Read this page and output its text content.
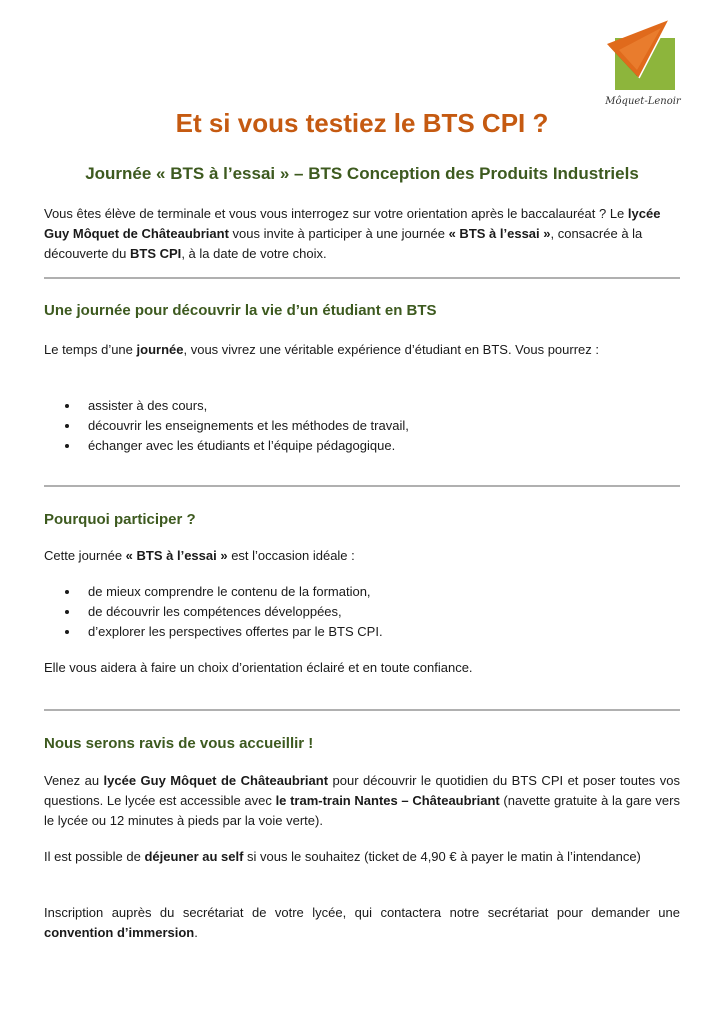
Môquet-Lenoir
Et si vous testiez le BTS CPI ?
Journée « BTS à l’essai » – BTS Conception des Produits Industriels

Vous êtes élève de terminale et vous vous interrogez sur votre orientation après le baccalauréat ? Le lycée Guy Môquet de Châteaubriant vous invite à participer à une journée « BTS à l’essai », consacrée à la découverte du BTS CPI, à la date de votre choix.

Une journée pour découvrir la vie d’un étudiant en BTS

Le temps d’une journée, vous vivrez une véritable expérience d’étudiant en BTS. Vous pourrez :

assister à des cours,
découvrir les enseignements et les méthodes de travail,
échanger avec les étudiants et l’équipe pédagogique.
Pourquoi participer ?

Cette journée « BTS à l’essai » est l’occasion idéale :

de mieux comprendre le contenu de la formation,
de découvrir les compétences développées,
d’explorer les perspectives offertes par le BTS CPI.

Elle vous aidera à faire un choix d’orientation éclairé et en toute confiance.

Nous serons ravis de vous accueillir !

Venez au lycée Guy Môquet de Châteaubriant pour découvrir le quotidien du BTS CPI et poser toutes vos questions. Le lycée est accessible avec le tram-train Nantes – Châteaubriant (navette gratuite à la gare vers le lycée ou 12 minutes à pieds par la voie verte).

Il est possible de déjeuner au self si vous le souhaitez (ticket de 4,90 € à payer le matin à l’intendance)

Inscription auprès du secrétariat de votre lycée, qui contactera notre secrétariat pour demander une convention d’immersion.
